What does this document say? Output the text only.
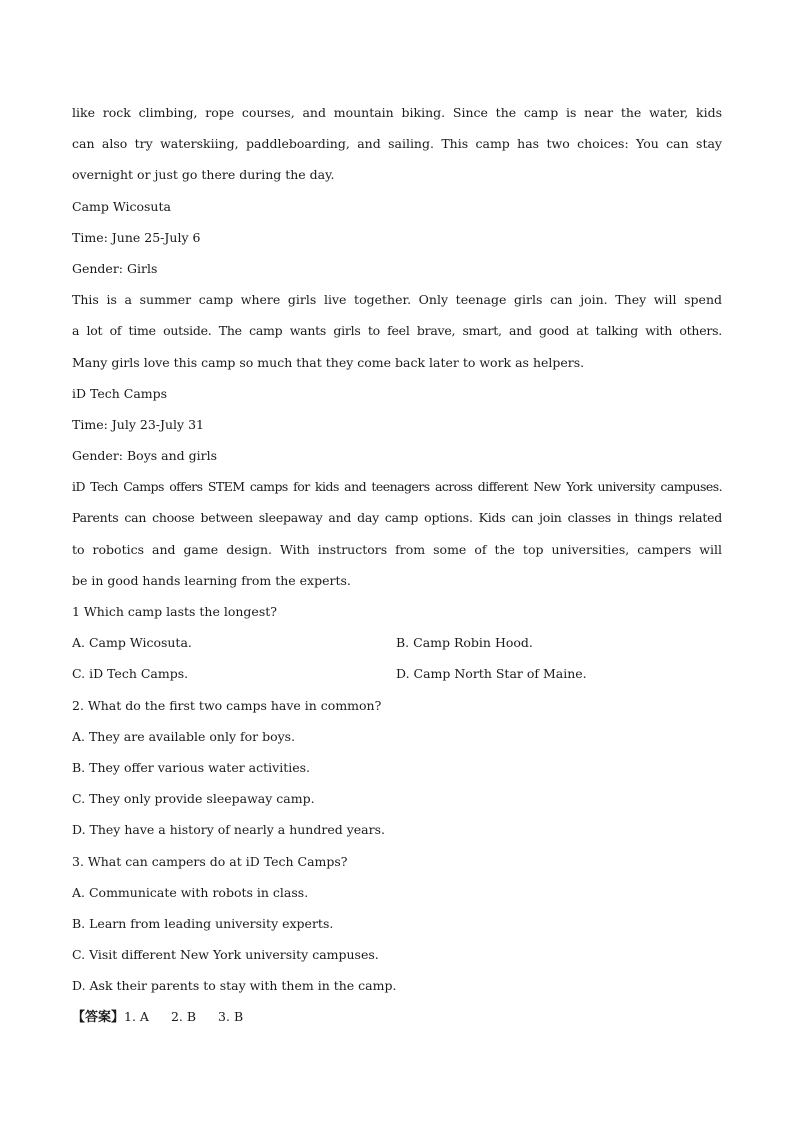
like rock climbing, rope courses, and mountain biking. Since the camp is near the water, kids
can also try waterskiing, paddleboarding, and sailing. This camp has two choices: You can stay
overnight or just go there during the day.
Camp Wicosuta
Time: June 25-July 6
Gender: Girls
This is a summer camp where girls live together. Only teenage girls can join. They will spend
a lot of time outside. The camp wants girls to feel brave, smart, and good at talking with others.
Many girls love this camp so much that they come back later to work as helpers.
iD Tech Camps
Time: July 23-July 31
Gender: Boys and girls
iD Tech Camps offers STEM camps for kids and teenagers across different New York university campuses.
Parents can choose between sleepaway and day camp options. Kids can join classes in things related
to robotics and game design. With instructors from some of the top universities, campers will
be in good hands learning from the experts.
1 Which camp lasts the longest?
A. Camp Wicosuta.	B. Camp Robin Hood.
C. iD Tech Camps.	D. Camp North Star of Maine.
2. What do the first two camps have in common?
A. They are available only for boys.
B. They offer various water activities.
C. They only provide sleepaway camp.
D. They have a history of nearly a hundred years.
3. What can campers do at iD Tech Camps?
A. Communicate with robots in class.
B. Learn from leading university experts.
C. Visit different New York university campuses.
D. Ask their parents to stay with them in the camp.
【答案】1. A 2. B 3. B
